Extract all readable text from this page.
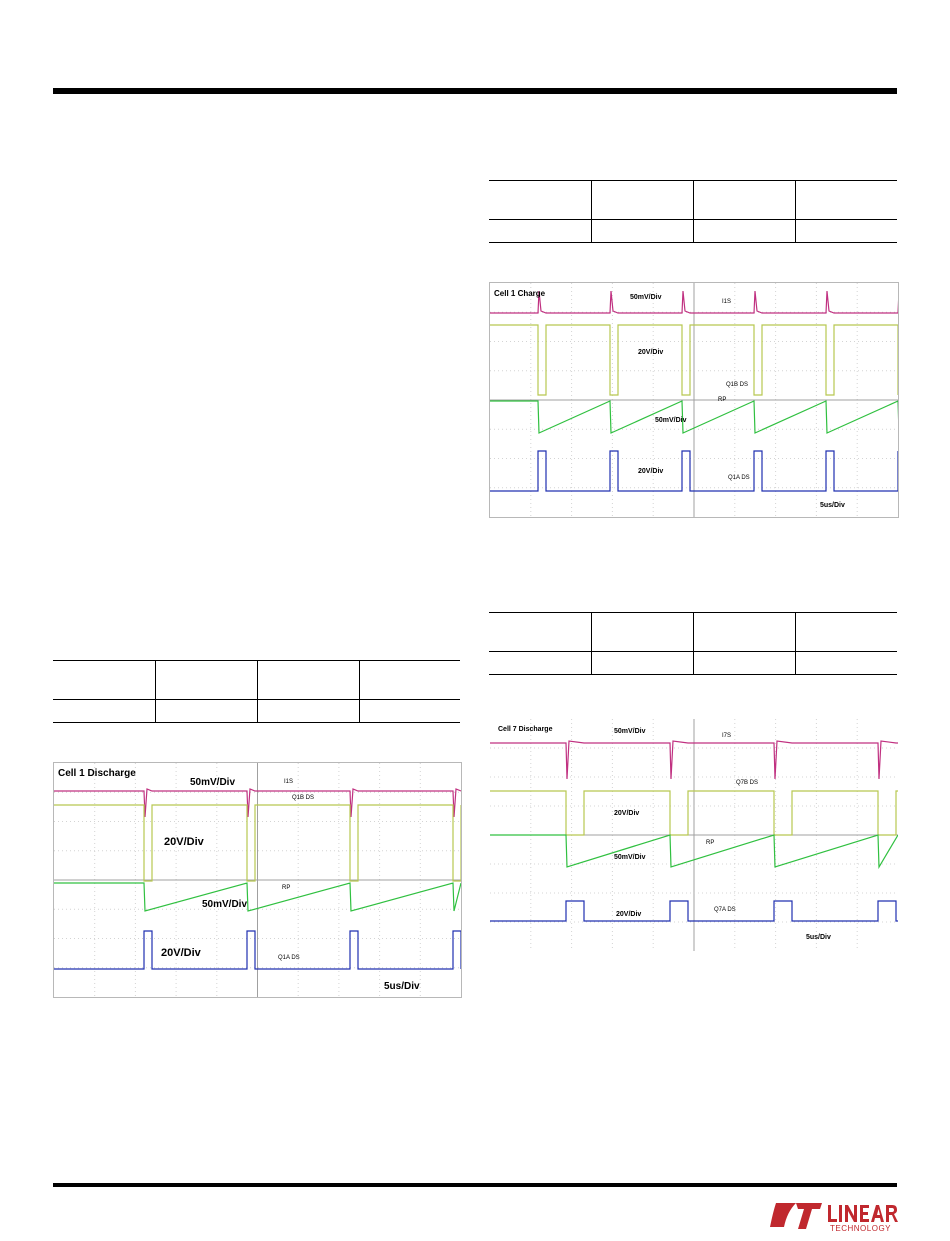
Cell 1 Discharge
50mV/Div
20V/Div
50mV/Div
20V/Div
5us/Div
I1S
Q1B DS
RP
Q1A DS
Cell 1 Charge	50mV/Div
20V/Div
50mV/Div
20V/Div
5us/Div
I1S
Q1B DS
RP
Q1A DS
Cell 7 Discharge	50mV/Div
20V/Div
50mV/Div
20V/Div
5us/Div
I7S
Q7B DS
RP
Q7A DS
TECHNOLOGY
